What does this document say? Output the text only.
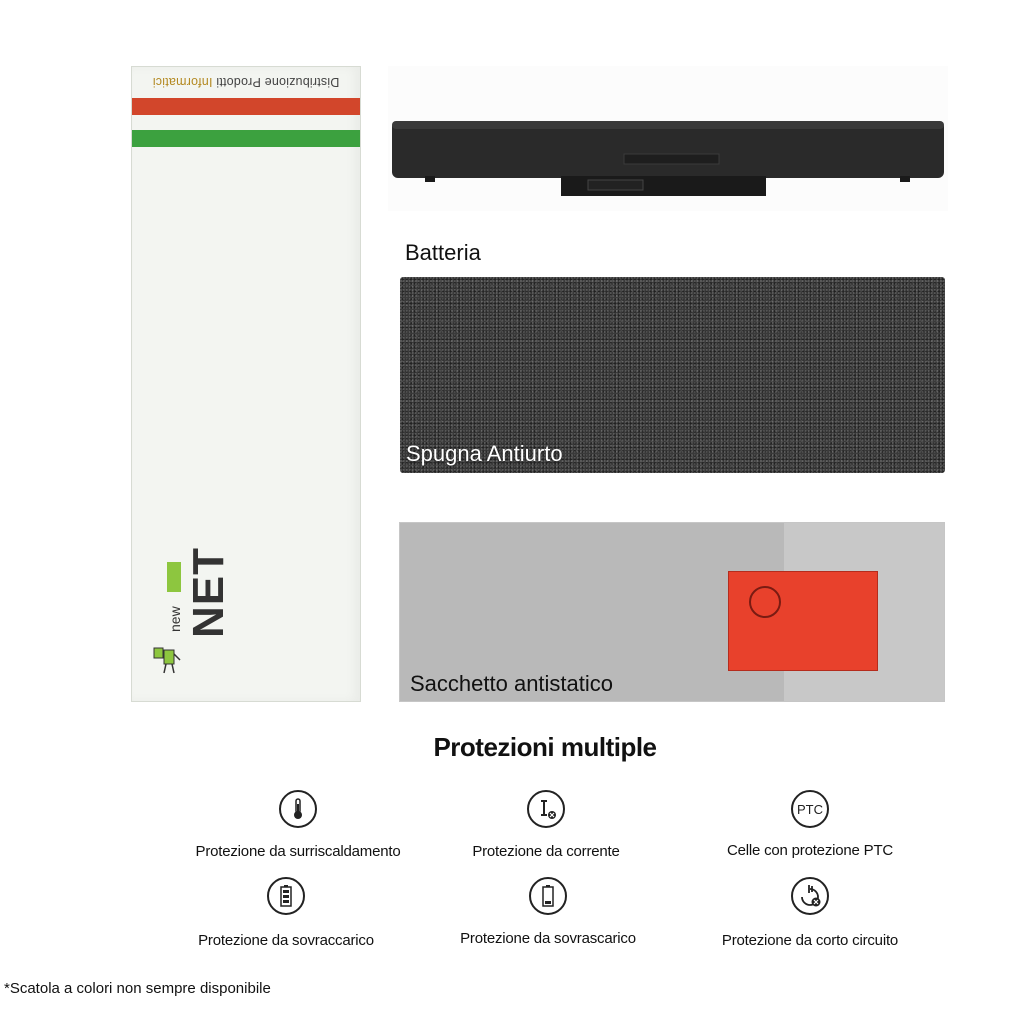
Distribuzione Prodotti Informatici
new NET
Batteria
Spugna Antiurto
Sacchetto antistatico
Protezioni multiple
Protezione da surriscaldamento	Protezione da corrente
PTC
Celle con protezione PTC
Protezione da sovraccarico	Protezione da sovrascarico	Protezione da corto circuito
*Scatola a colori non sempre disponibile
